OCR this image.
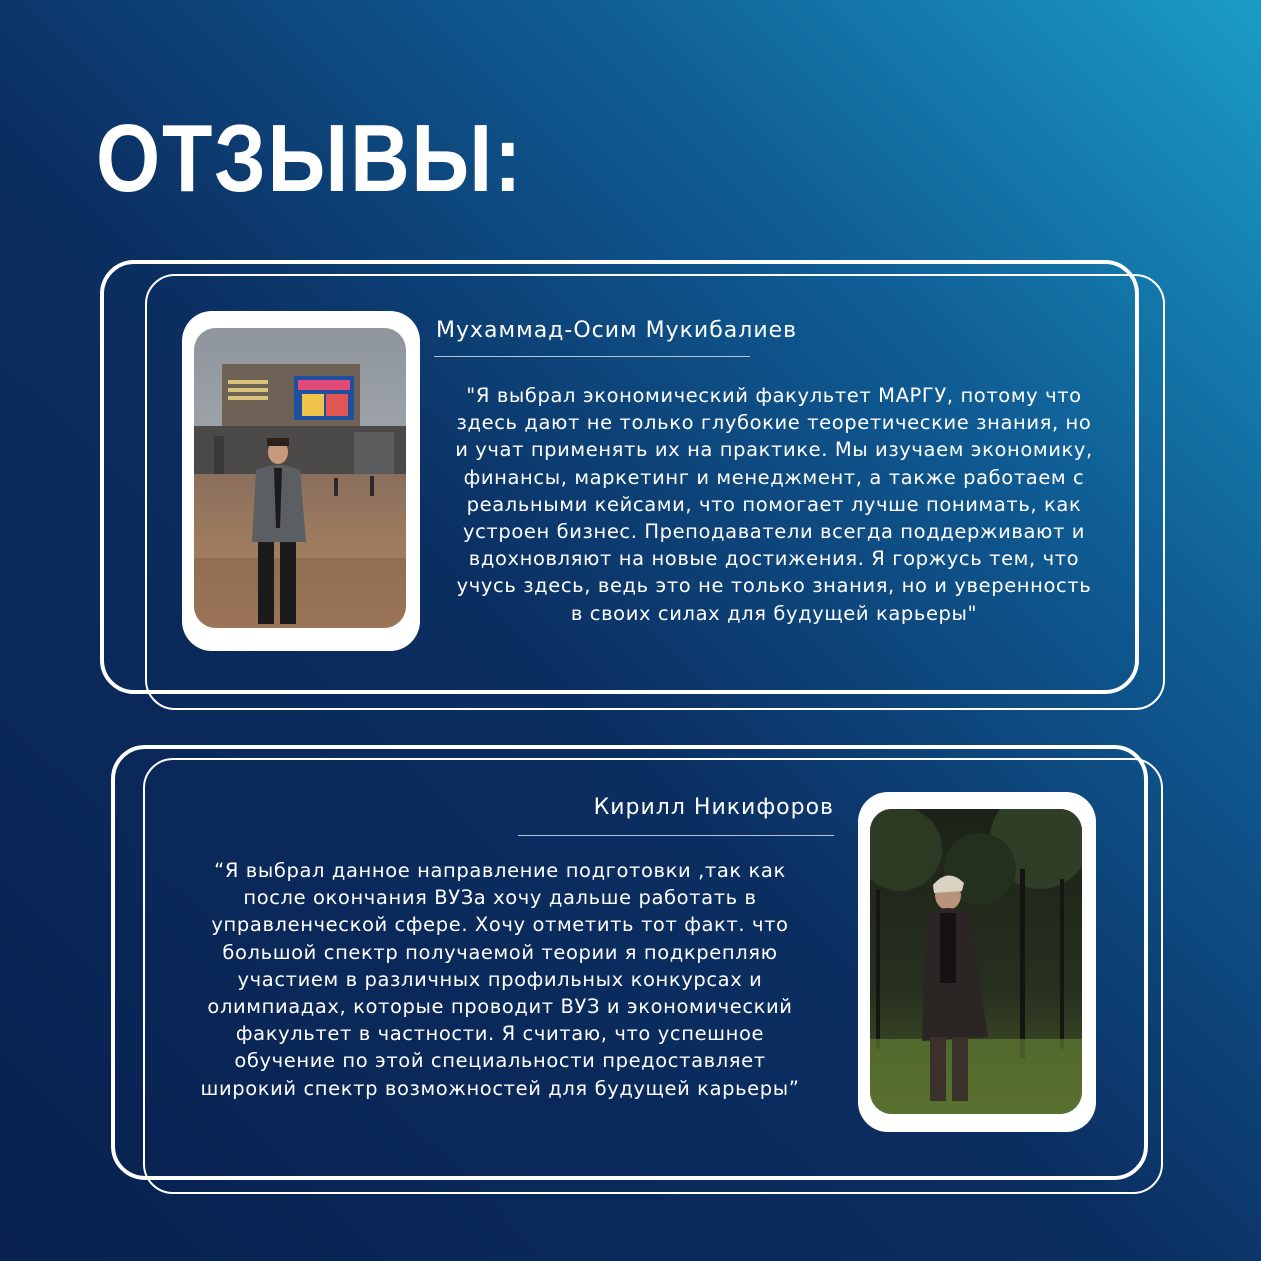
ОТЗЫВЫ:
Мухаммад-Осим Мукибалиев

"Я выбрал экономический факультет МАРГУ, потому что
здесь дают не только глубокие теоретические знания, но
и учат применять их на практике. Мы изучаем экономику,
финансы, маркетинг и менеджмент, а также работаем с
реальными кейсами, что помогает лучше понимать, как
устроен бизнес. Преподаватели всегда поддерживают и
вдохновляют на новые достижения. Я горжусь тем, что
учусь здесь, ведь это не только знания, но и уверенность
в своих силах для будущей карьеры"

Кирилл Никифоров

“Я выбрал данное направление подготовки ,так как
после окончания ВУЗа хочу дальше работать в
управленческой сфере. Хочу отметить тот факт. что
большой спектр получаемой теории я подкрепляю
участием в различных профильных конкурсах и
олимпиадах, которые проводит ВУЗ и экономический
факультет в частности. Я считаю, что успешное
обучение по этой специальности предоставляет
широкий спектр возможностей для будущей карьеры”
